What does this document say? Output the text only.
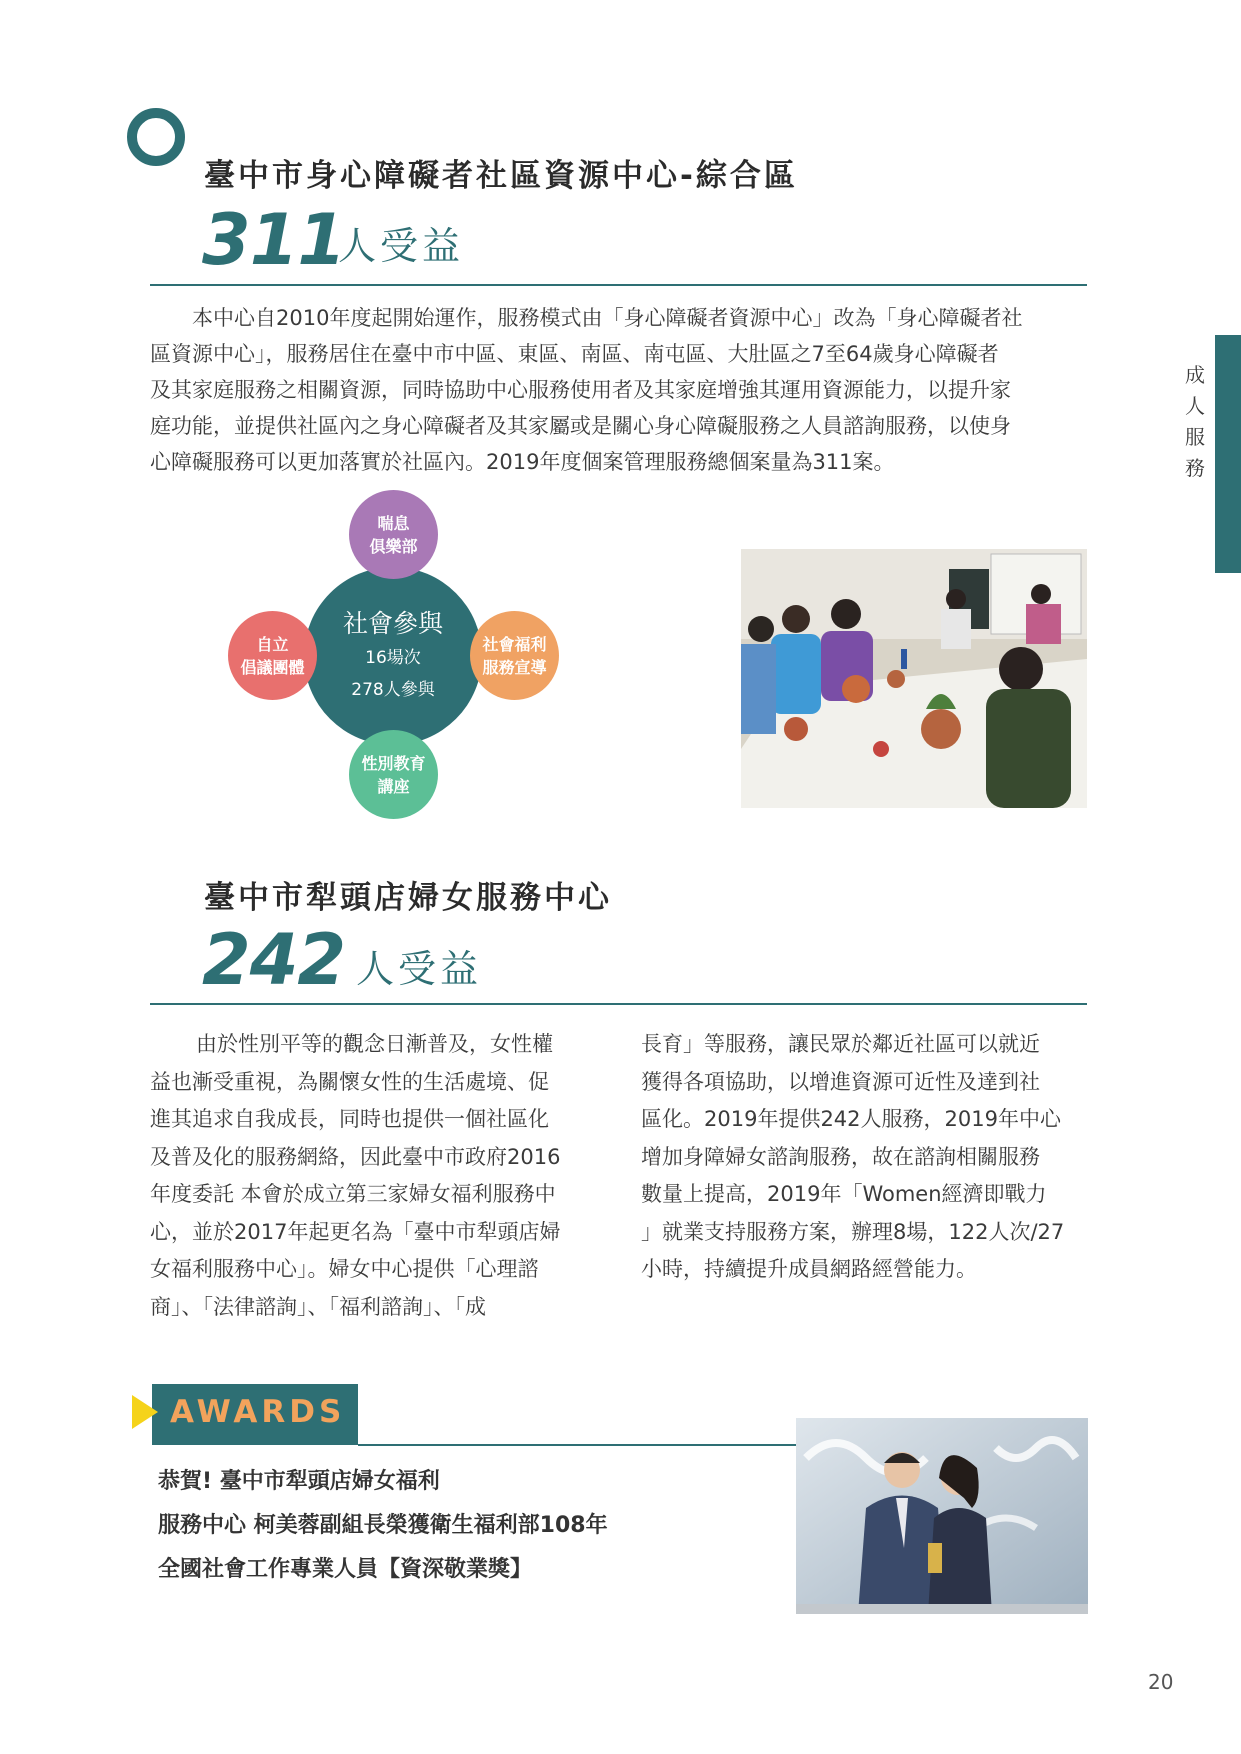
成
人
服
務
臺中市身心障礙者社區資源中心-綜合區
311
人受益
本中心自2010年度起開始運作，服務模式由「身心障礙者資源中心」改為「身心障礙者社
區資源中心」，服務居住在臺中市中區、東區、南區、南屯區、大肚區之7至64歲身心障礙者
及其家庭服務之相關資源，同時協助中心服務使用者及其家庭增強其運用資源能力，以提升家
庭功能，並提供社區內之身心障礙者及其家屬或是關心身心障礙服務之人員諮詢服務，以使身
心障礙服務可以更加落實於社區內。2019年度個案管理服務總個案量為311案。
社會參與
16場次
278人參與
喘息
俱樂部
自立
倡議團體
社會福利
服務宣導
性別教育
講座
臺中市犁頭店婦女服務中心
242 人受益
由於性別平等的觀念日漸普及，女性權
益也漸受重視，為關懷女性的生活處境、促
進其追求自我成長，同時也提供一個社區化
及普及化的服務網絡，因此臺中市政府2016
年度委託 本會於成立第三家婦女福利服務中
心，並於2017年起更名為「臺中市犁頭店婦
女福利服務中心」。婦女中心提供「心理諮
商」、「法律諮詢」、「福利諮詢」、「成
長育」等服務，讓民眾於鄰近社區可以就近
獲得各項協助，以增進資源可近性及達到社
區化。2019年提供242人服務，2019年中心
增加身障婦女諮詢服務，故在諮詢相關服務
數量上提高，2019年「Women經濟即戰力
」就業支持服務方案，辦理8場，122人次/27
小時，持續提升成員網路經營能力。
AWARDS
恭賀! 臺中市犁頭店婦女福利
服務中心 柯美蓉副組長榮獲衛生福利部108年
全國社會工作專業人員【資深敬業獎】
20
